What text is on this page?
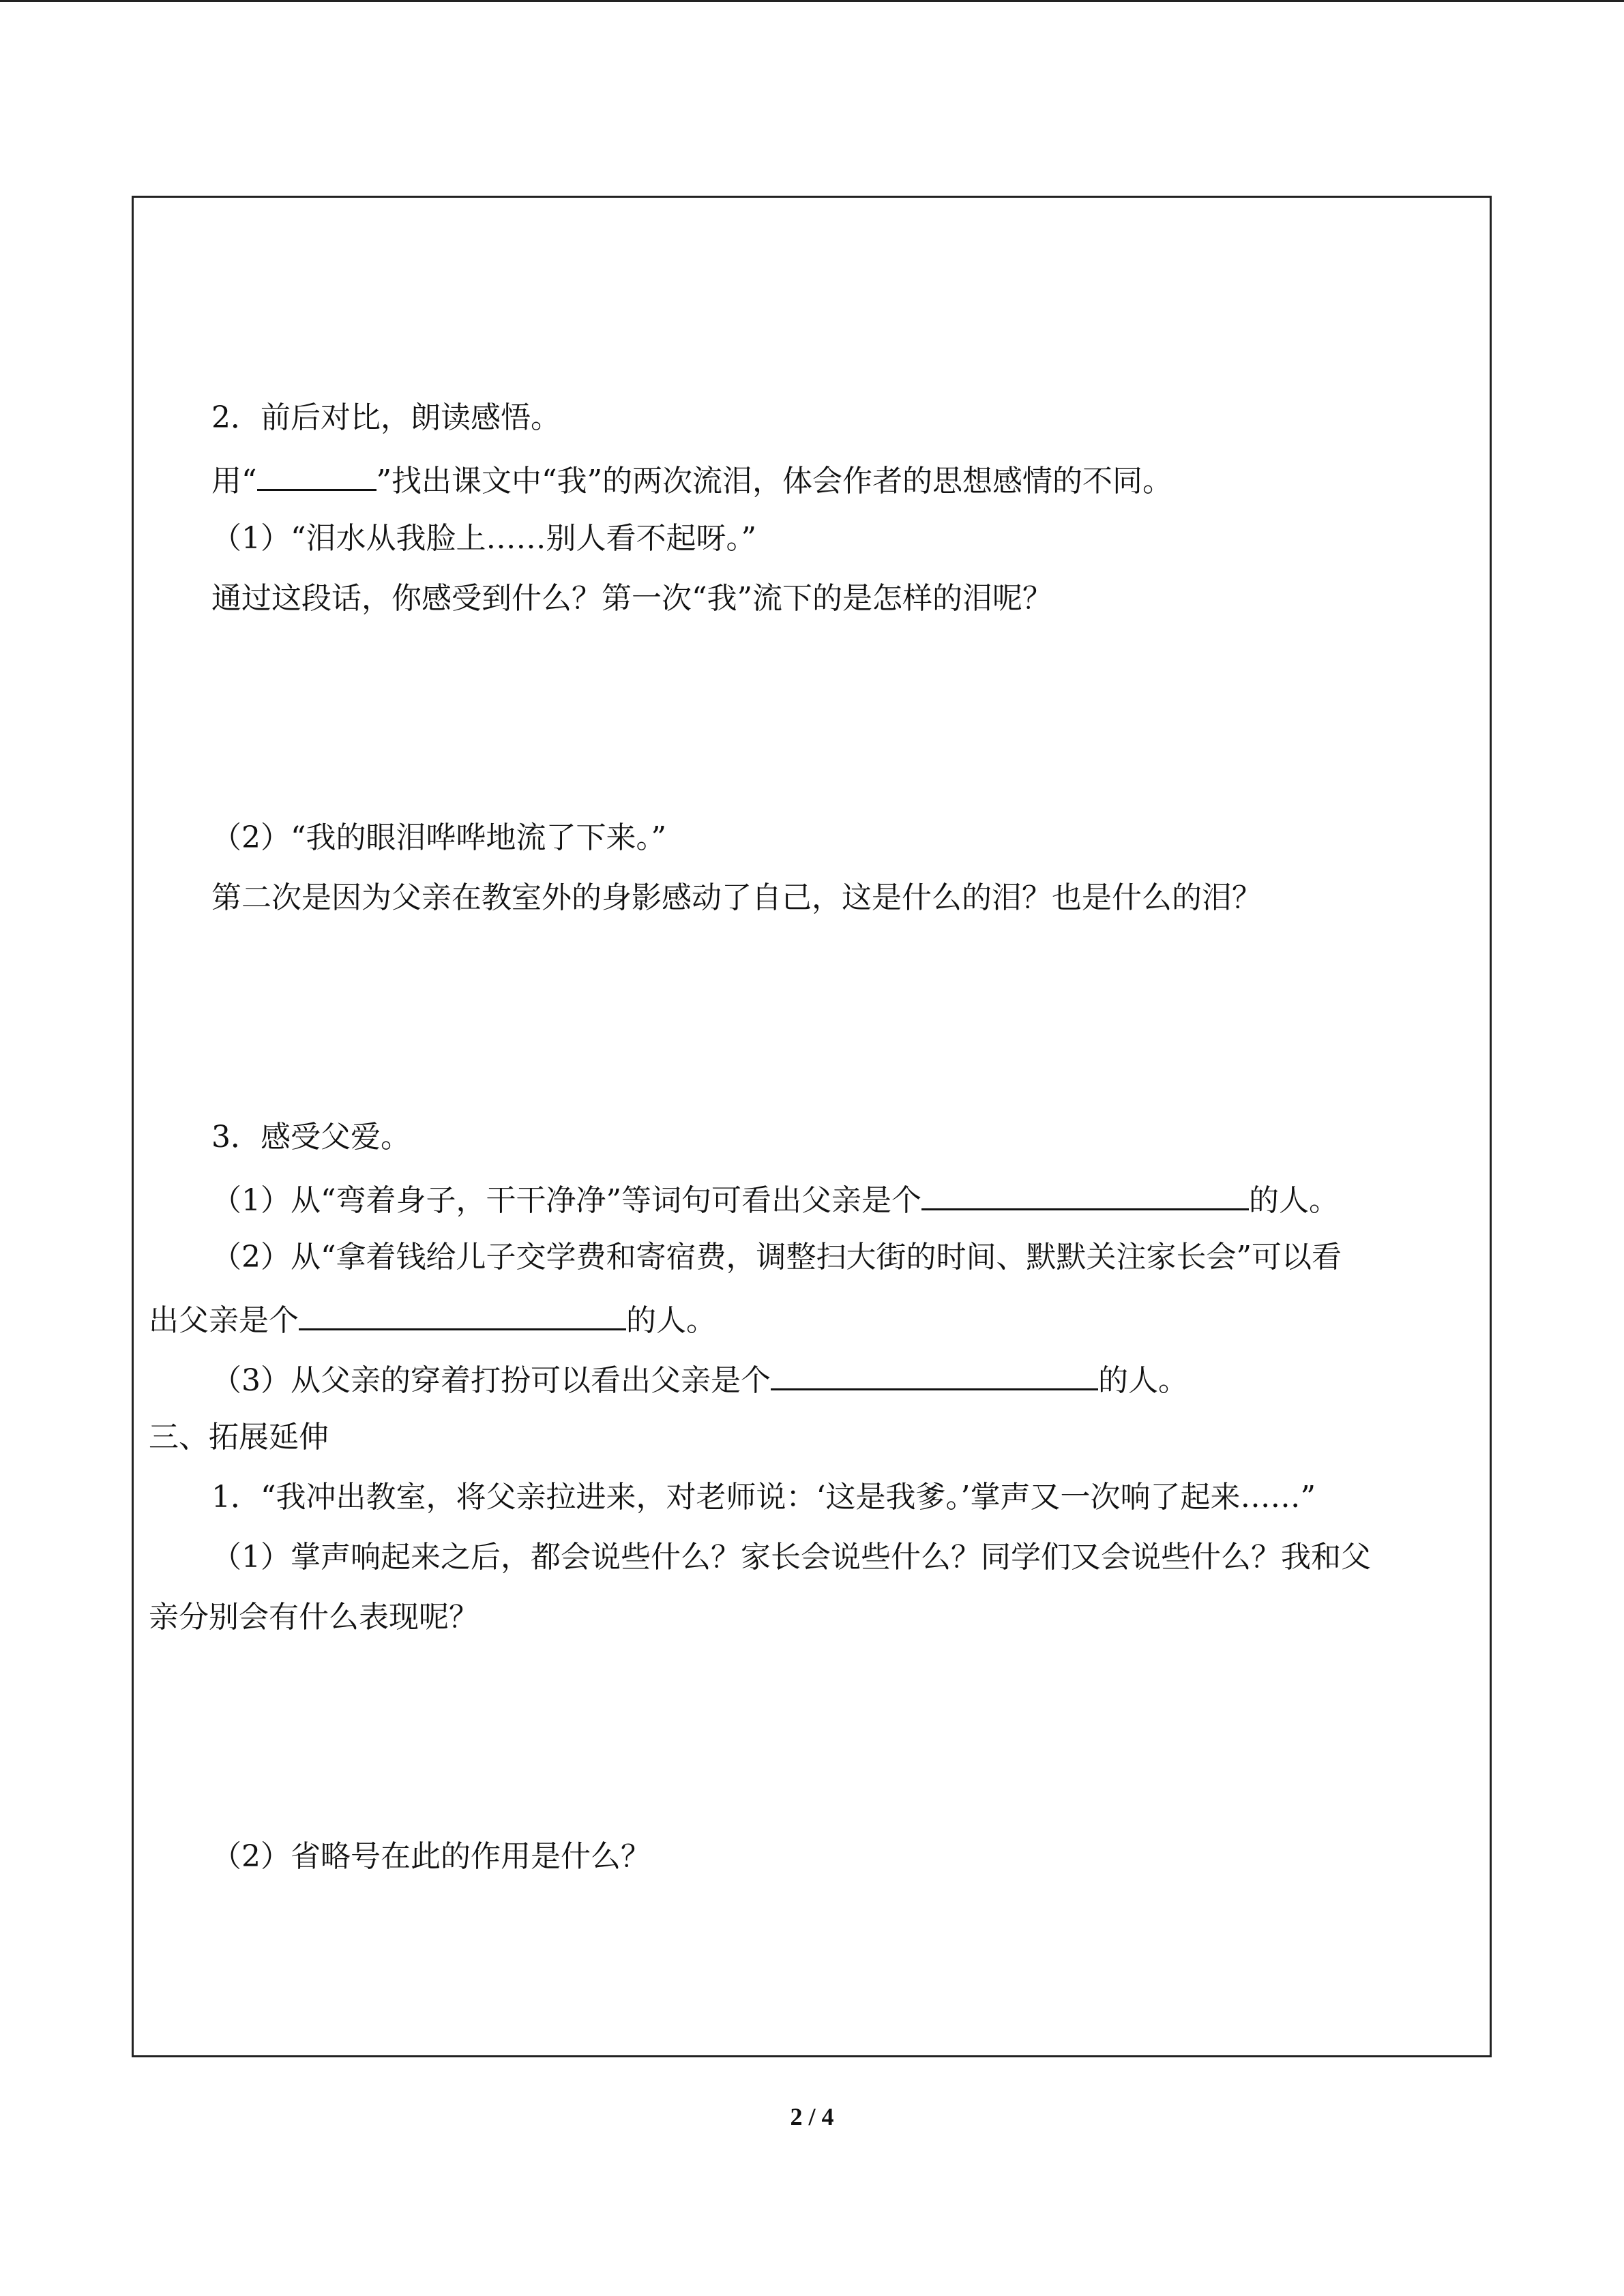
2．前后对比，朗读感悟。
用“	”找出课文中“我”的两次流泪，体会作者的思想感情的不同。
（1）“泪水从我脸上……别人看不起呀。”
通过这段话，你感受到什么？第一次“我”流下的是怎样的泪呢？
（2）“我的眼泪哗哗地流了下来。”
第二次是因为父亲在教室外的身影感动了自己，这是什么的泪？也是什么的泪？
3．感受父爱。
（1）从“弯着身子，干干净净”等词句可看出父亲是个	的人。
（2）从“拿着钱给儿子交学费和寄宿费，调整扫大街的时间、默默关注家长会”可以看
出父亲是个	的人。
（3）从父亲的穿着打扮可以看出父亲是个	的人。
三、拓展延伸
1．“我冲出教室，将父亲拉进来，对老师说：‘这是我爹。’掌声又一次响了起来……”
（1）掌声响起来之后，都会说些什么？家长会说些什么？同学们又会说些什么？我和父
亲分别会有什么表现呢？
（2）省略号在此的作用是什么？
2 / 4
